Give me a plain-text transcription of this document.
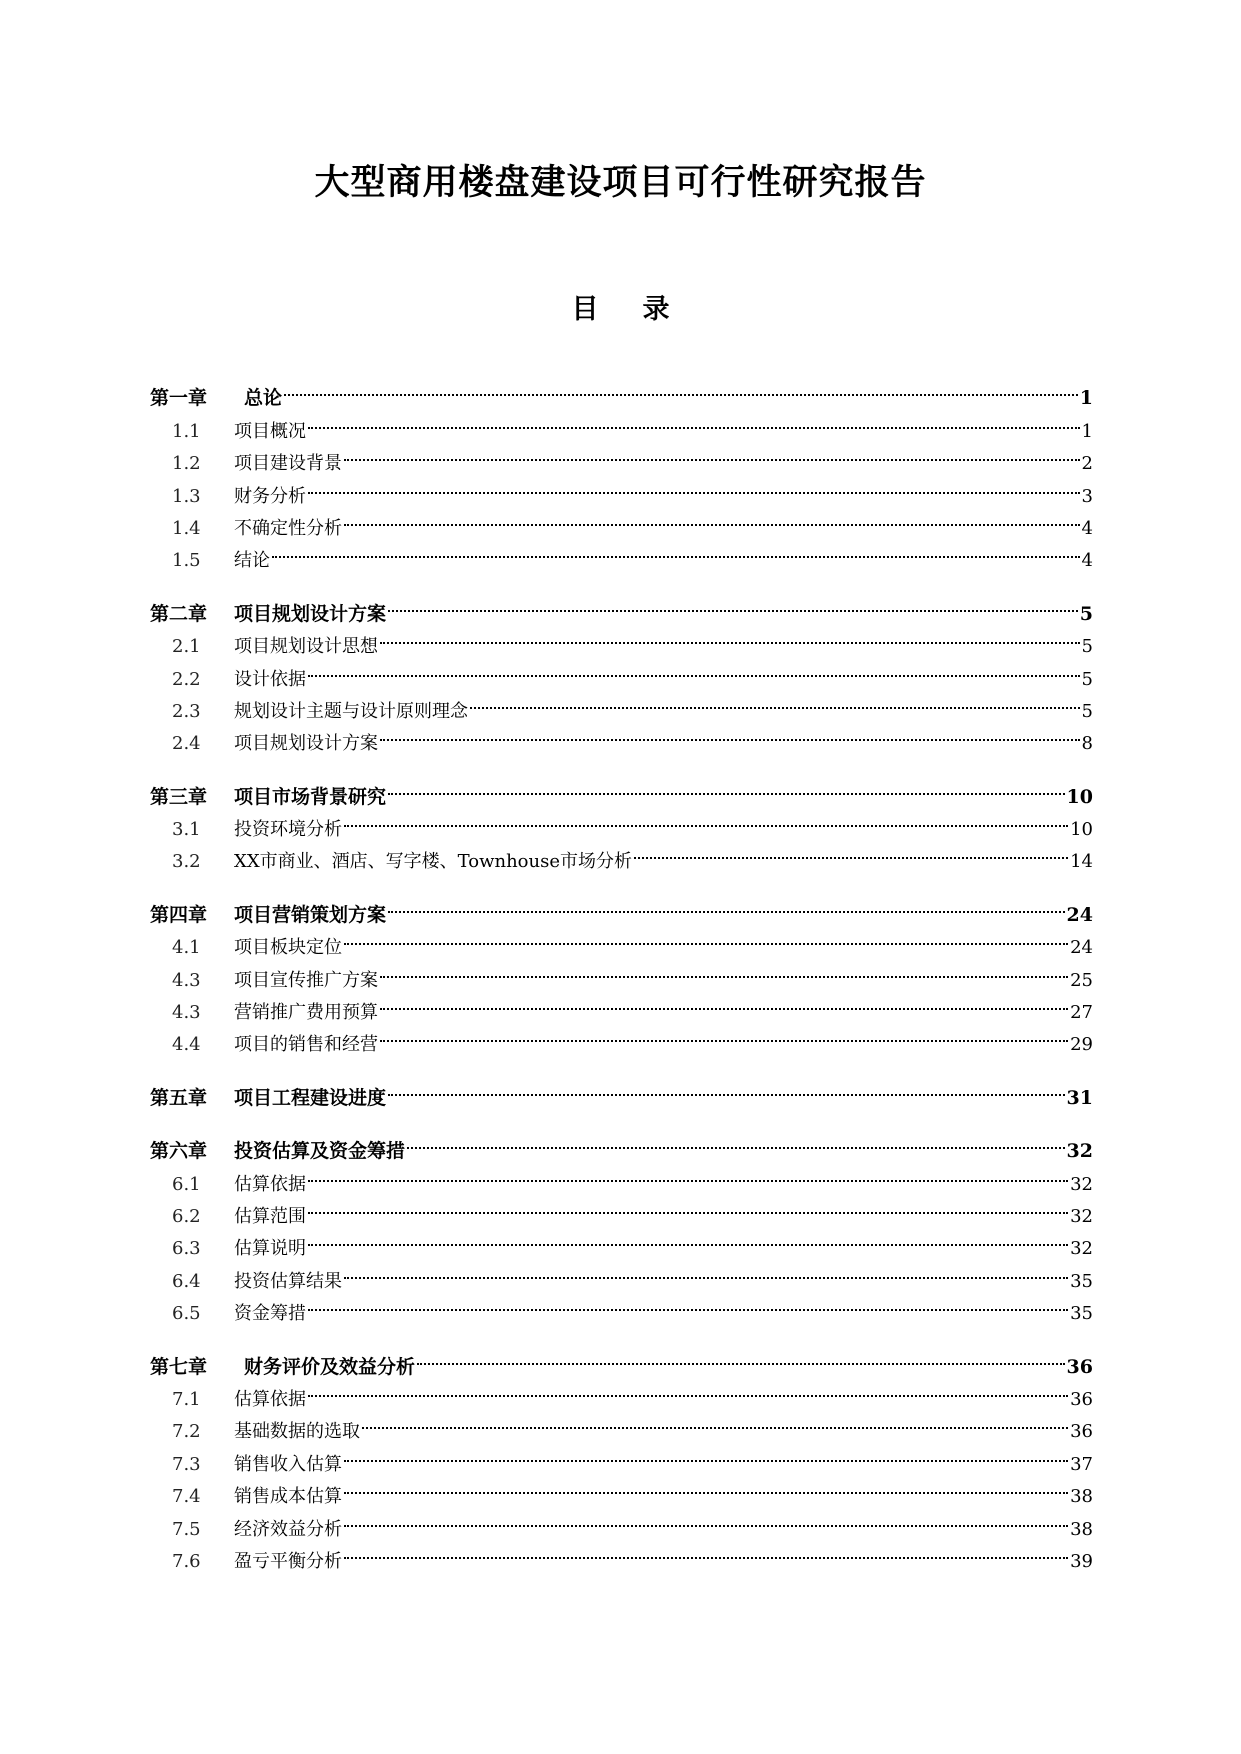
大型商用楼盘建设项目可行性研究报告
目 录
第一章	总论	1
1.1	项目概况	1
1.2	项目建设背景	2
1.3	财务分析	3
1.4	不确定性分析	4
1.5	结论	4
第二章	项目规划设计方案	5
2.1	项目规划设计思想	5
2.2	设计依据	5
2.3	规划设计主题与设计原则理念	5
2.4	项目规划设计方案	8
第三章	项目市场背景研究	10
3.1	投资环境分析	10
3.2	XX市商业、酒店、写字楼、Townhouse市场分析	14
第四章	项目营销策划方案	24
4.1	项目板块定位	24
4.3	项目宣传推广方案	25
4.3	营销推广费用预算	27
4.4	项目的销售和经营	29
第五章	项目工程建设进度	31
第六章	投资估算及资金筹措	32
6.1	估算依据	32
6.2	估算范围	32
6.3	估算说明	32
6.4	投资估算结果	35
6.5	资金筹措	35
第七章	财务评价及效益分析	36
7.1	估算依据	36
7.2	基础数据的选取	36
7.3	销售收入估算	37
7.4	销售成本估算	38
7.5	经济效益分析	38
7.6	盈亏平衡分析	39
